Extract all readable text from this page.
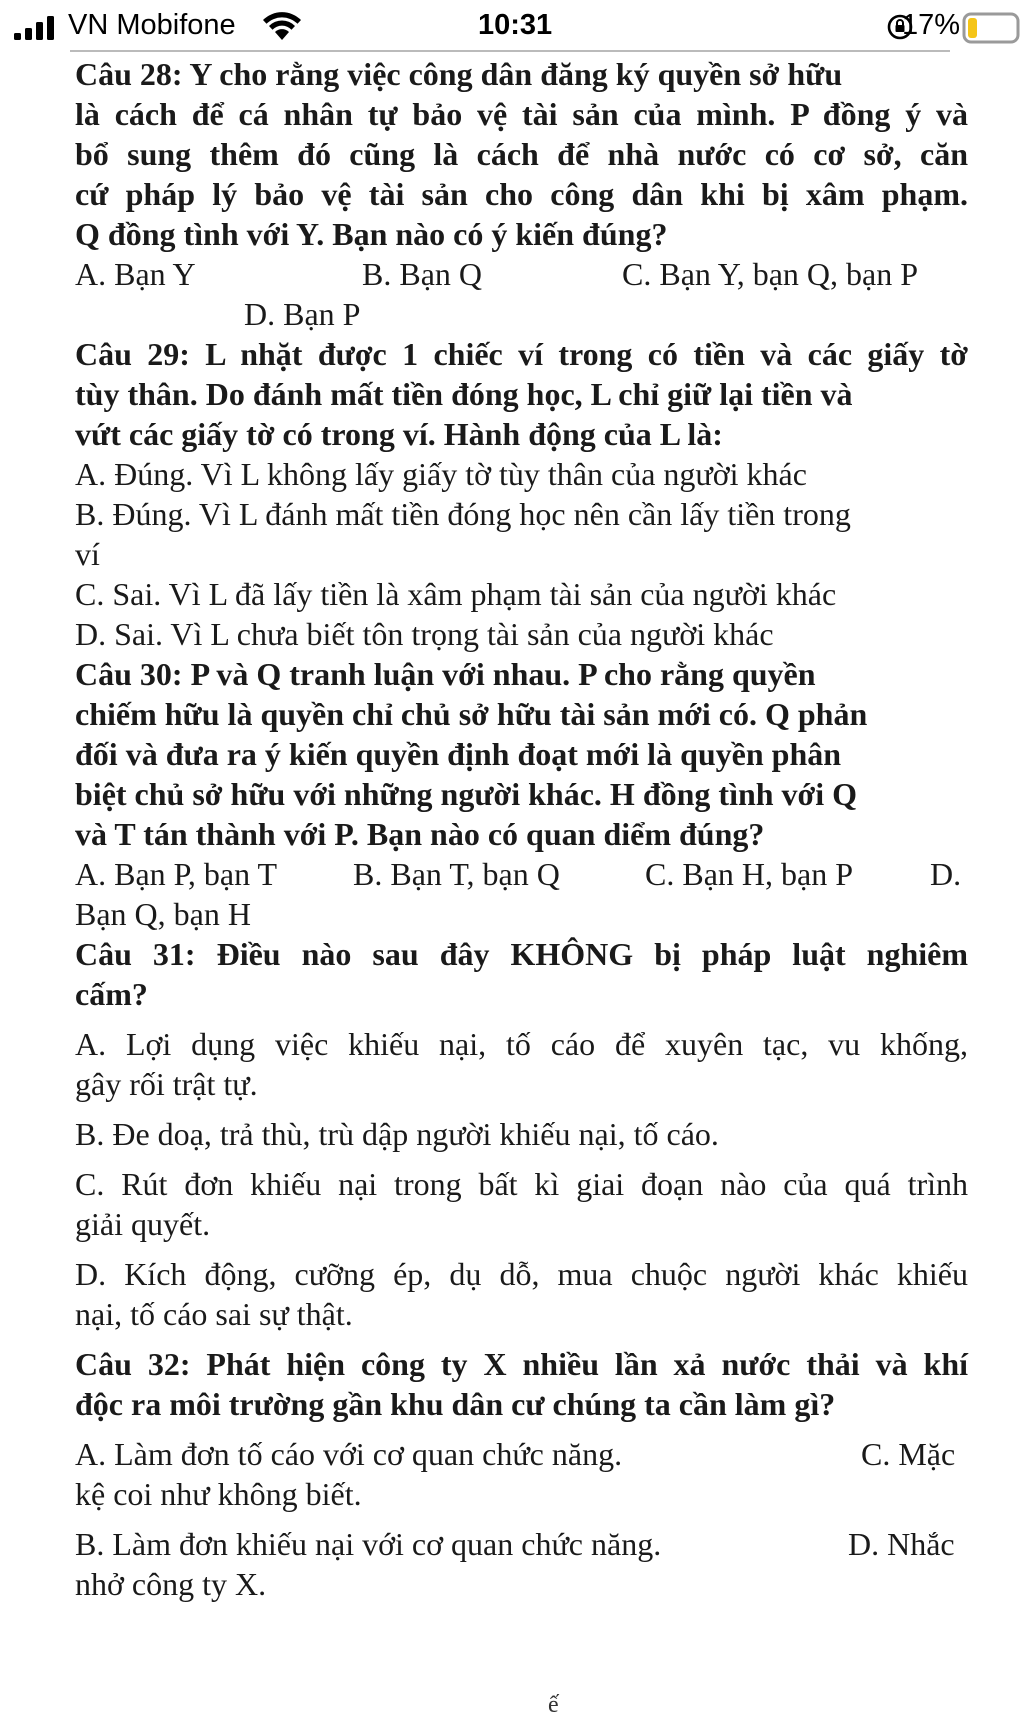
VN Mobifone	10:31	17%
Câu 28: Y cho rằng việc công dân đăng ký quyền sở hữu
là cách để cá nhân tự bảo vệ tài sản của mình. P đồng ý và
bổ sung thêm đó cũng là cách để nhà nước có cơ sở, căn
cứ pháp lý bảo vệ tài sản cho công dân khi bị xâm phạm.
Q đồng tình với Y. Bạn nào có ý kiến đúng?
A. Bạn Y	B. Bạn Q	C. Bạn Y, bạn Q, bạn P
D. Bạn P
Câu 29: L nhặt được 1 chiếc ví trong có tiền và các giấy tờ
tùy thân. Do đánh mất tiền đóng học, L chỉ giữ lại tiền và
vứt các giấy tờ có trong ví. Hành động của L là:
A. Đúng. Vì L không lấy giấy tờ tùy thân của người khác
B. Đúng. Vì L đánh mất tiền đóng học nên cần lấy tiền trong
ví
C. Sai. Vì L đã lấy tiền là xâm phạm tài sản của người khác
D. Sai. Vì L chưa biết tôn trọng tài sản của người khác
Câu 30: P và Q tranh luận với nhau. P cho rằng quyền
chiếm hữu là quyền chỉ chủ sở hữu tài sản mới có. Q phản
đối và đưa ra ý kiến quyền định đoạt mới là quyền phân
biệt chủ sở hữu với những người khác. H đồng tình với Q
và T tán thành với P. Bạn nào có quan diểm đúng?
A. Bạn P, bạn T B. Bạn T, bạn Q	C. Bạn H, bạn P D.
Bạn Q, bạn H
Câu 31: Điều nào sau đây KHÔNG bị pháp luật nghiêm
cấm?
A. Lợi dụng việc khiếu nại, tố cáo để xuyên tạc, vu khống,
gây rối trật tự.
B. Đe doạ, trả thù, trù dập người khiếu nại, tố cáo.
C. Rút đơn khiếu nại trong bất kì giai đoạn nào của quá trình
giải quyết.
D. Kích động, cưỡng ép, dụ dỗ, mua chuộc người khác khiếu
nại, tố cáo sai sự thật.
Câu 32: Phát hiện công ty X nhiều lần xả nước thải và khí
độc ra môi trường gần khu dân cư chúng ta cần làm gì?
A. Làm đơn tố cáo với cơ quan chức năng.	C. Mặc
kệ coi như không biết.
B. Làm đơn khiếu nại với cơ quan chức năng.	D. Nhắc
nhở công ty X.
ế
